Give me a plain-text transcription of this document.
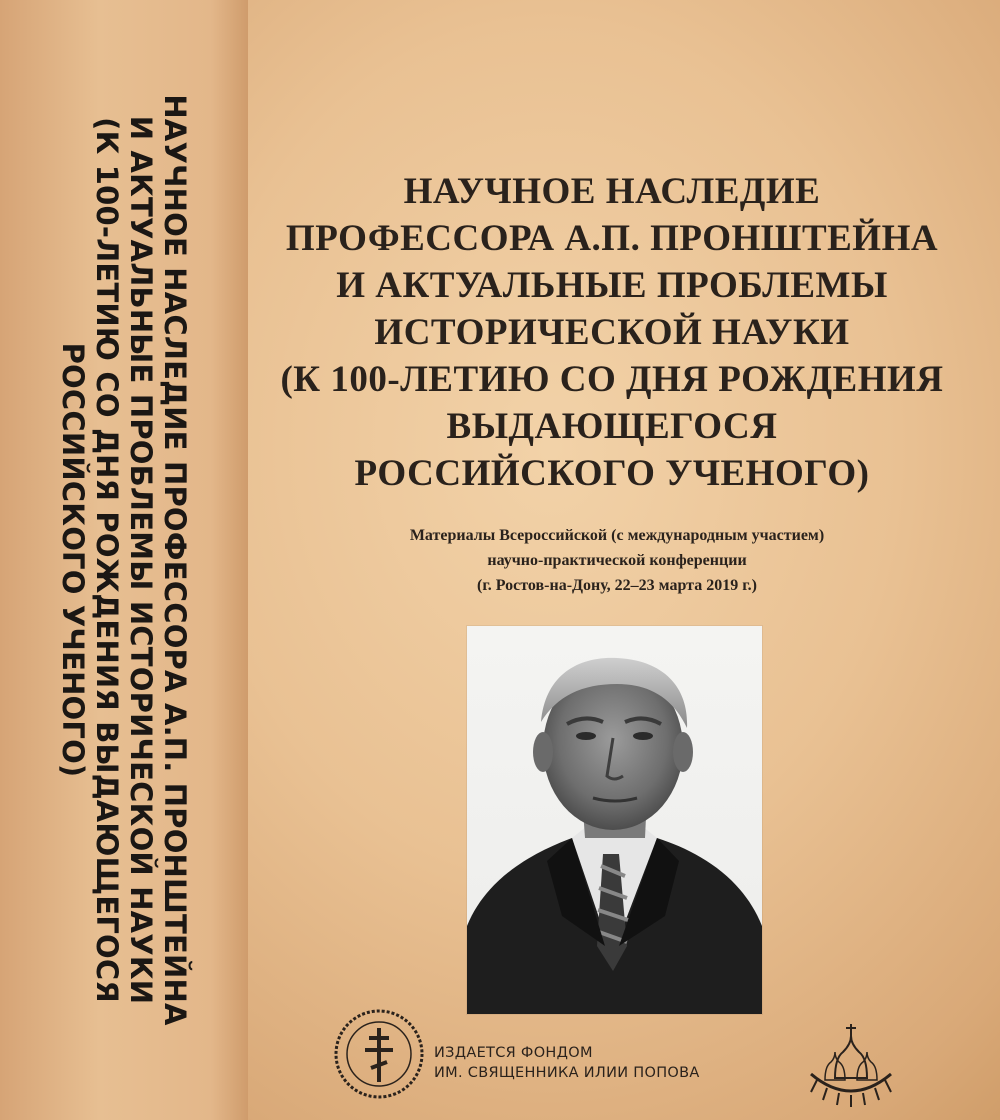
НАУЧНОЕ НАСЛЕДИЕ ПРОФЕССОРА А.П. ПРОНШТЕЙНА
И АКТУАЛЬНЫЕ ПРОБЛЕМЫ ИСТОРИЧЕСКОЙ НАУКИ
(К 100-ЛЕТИЮ СО ДНЯ РОЖДЕНИЯ ВЫДАЮЩЕГОСЯ
РОССИЙСКОГО УЧЕНОГО)
НАУЧНОЕ НАСЛЕДИЕ
ПРОФЕССОРА А.П. ПРОНШТЕЙНА
И АКТУАЛЬНЫЕ ПРОБЛЕМЫ
ИСТОРИЧЕСКОЙ НАУКИ
(К 100-ЛЕТИЮ СО ДНЯ РОЖДЕНИЯ
ВЫДАЮЩЕГОСЯ
РОССИЙСКОГО УЧЕНОГО)
Материалы Всероссийской (с международным участием)
научно-практической конференции
(г. Ростов-на-Дону, 22–23 марта 2019 г.)
ИЗДАЕТСЯ ФОНДОМ
ИМ. СВЯЩЕННИКА ИЛИИ ПОПОВА
